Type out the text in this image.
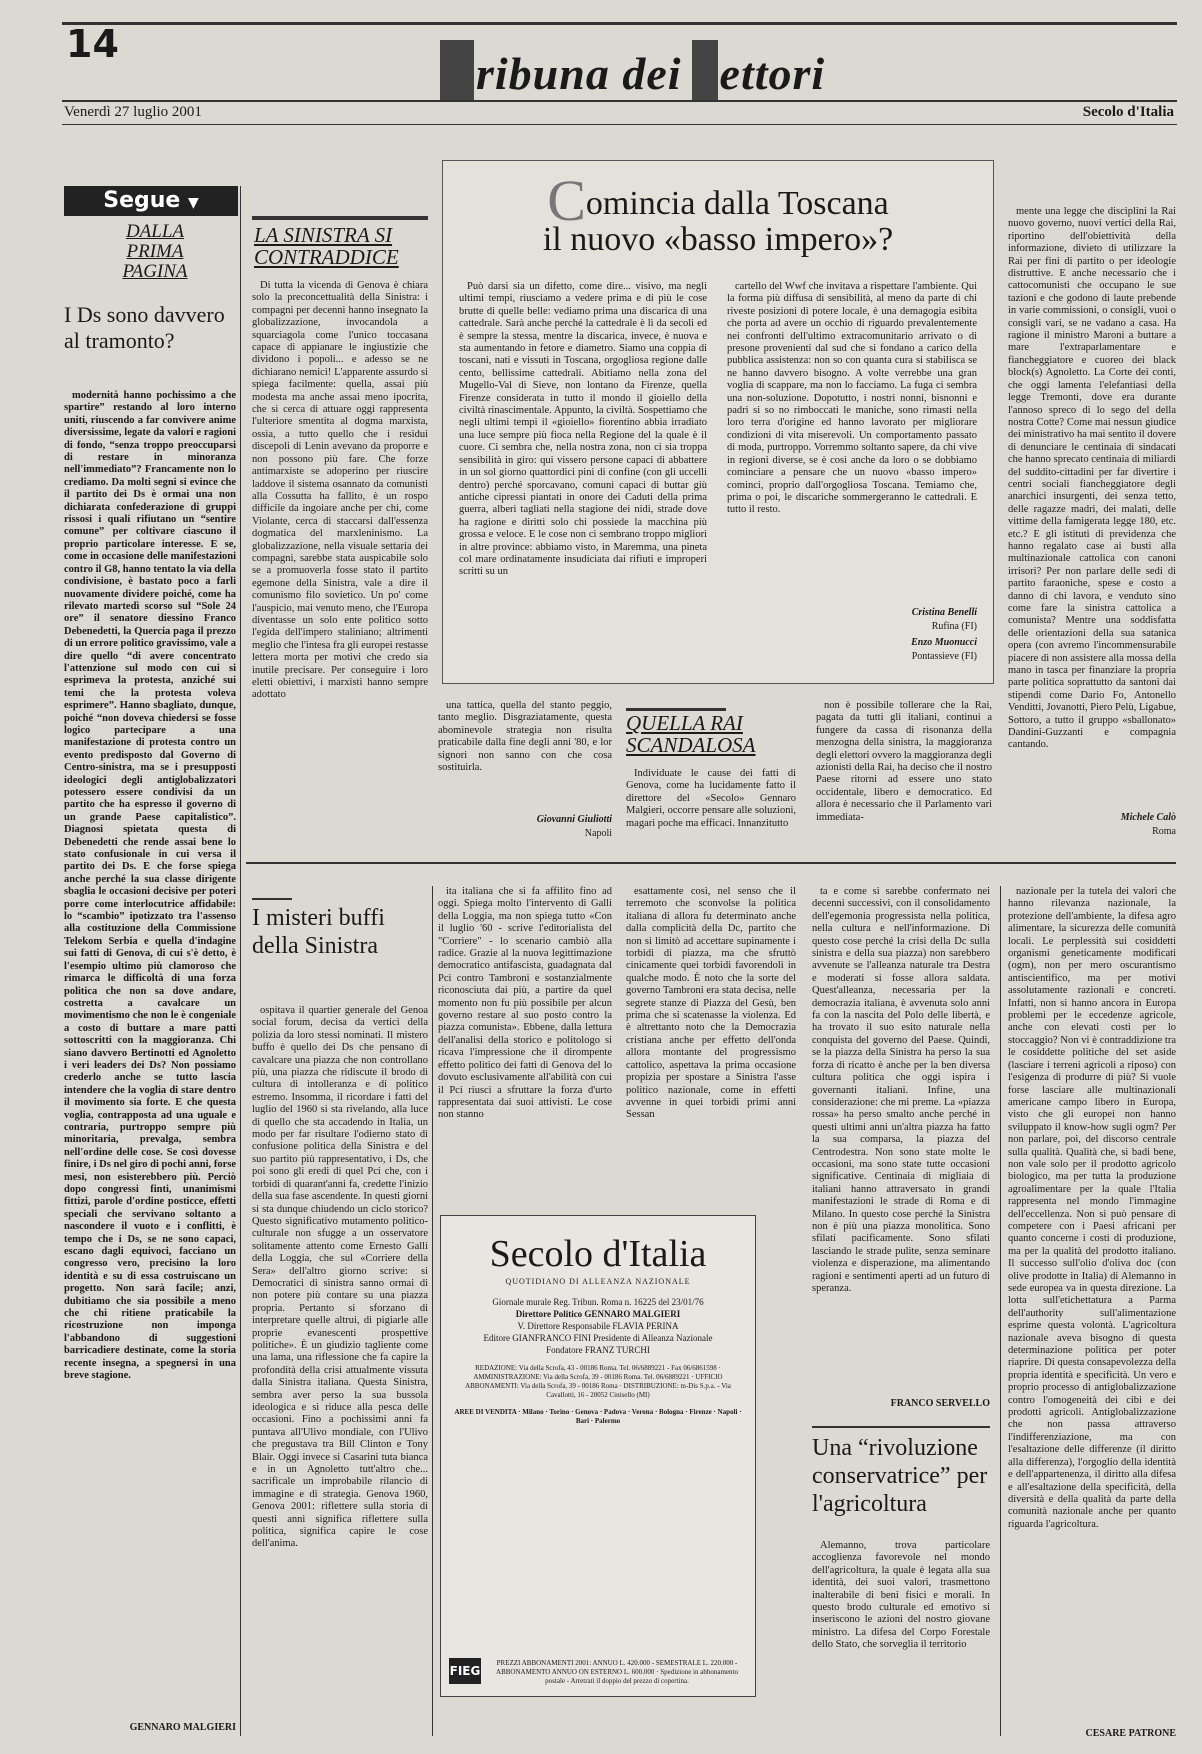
14
ribuna dei ettori
Venerdì 27 luglio 2001	Secolo d'Italia
Segue ▼
DALLA PRIMA PAGINA
I Ds sono davvero al tramonto?

modernità hanno pochissimo a che spartire” restando al loro interno uniti, riuscendo a far convivere anime diversissime, legate da valori e ragioni di fondo, “senza troppo preoccuparsi di restare in minoranza nell'immediato”? Francamente non lo crediamo. Da molti segni si evince che il partito dei Ds è ormai una non dichiarata confederazione di gruppi rissosi i quali rifiutano un “sentire comune” per coltivare ciascuno il proprio particolare interesse. E se, come in occasione delle manifestazioni contro il G8, hanno tentato la via della condivisione, è bastato poco a farli nuovamente dividere poiché, come ha rilevato martedì scorso sul “Sole 24 ore” il senatore diessino Franco Debenedetti, la Quercia paga il prezzo di un errore politico gravissimo, vale a dire quello “di avere concentrato l'attenzione sul modo con cui si esprimeva la protesta, anziché sui temi che la protesta voleva esprimere”. Hanno sbagliato, dunque, poiché “non doveva chiedersi se fosse logico partecipare a una manifestazione di protesta contro un evento predisposto dal Governo di Centro-sinistra, ma se i presupposti ideologici degli antiglobalizzatori potessero essere condivisi da un partito che ha espresso il governo di un grande Paese capitalistico”. Diagnosi spietata questa di Debenedetti che rende assai bene lo stato confusionale in cui versa il partito dei Ds. E che forse spiega anche perché la sua classe dirigente sbaglia le occasioni decisive per poteri porre come interlocutrice affidabile: lo “scambio” ipotizzato tra l'assenso alla costituzione della Commissione Telekom Serbia e quella d'indagine sui fatti di Genova, di cui s'è detto, è l'esempio ultimo più clamoroso che rimarca le difficoltà di una forza politica che non sa dove andare, costretta a cavalcare un movimentismo che non le è congeniale a costo di buttare a mare patti sottoscritti con la maggioranza. Chi siano davvero Bertinotti ed Agnoletto i veri leaders dei Ds? Non possiamo crederlo anche se tutto lascia intendere che la voglia di stare dentro il movimento sia forte. E che questa voglia, contrapposta ad una uguale e contraria, purtroppo sempre più minoritaria, prevalga, sembra nell'ordine delle cose. Se così dovesse finire, i Ds nel giro di pochi anni, forse mesi, non esisterebbero più. Perciò dopo congressi finti, unanimismi fittizi, parole d'ordine posticce, effetti speciali che servivano soltanto a nascondere il vuoto e i conflitti, è tempo che i Ds, se ne sono capaci, escano dagli equivoci, facciano un congresso vero, precisino la loro identità e su di essa costruiscano un progetto. Non sarà facile; anzi, dubitiamo che sia possibile a meno che chi ritiene praticabile la ricostruzione non imponga l'abbandono di suggestioni barricadiere destinate, come la storia recente insegna, a spegnersi in una breve stagione.

GENNARO MALGIERI
LA SINISTRA SI CONTRADDICE

Di tutta la vicenda di Genova è chiara solo la preconcettualità della Sinistra: i compagni per decenni hanno insegnato la globalizzazione, invocandola a squarciagola come l'unico toccasana capace di appianare le ingiustizie che dividono i popoli... e adesso se ne dichiarano nemici! L'apparente assurdo si spiega facilmente: quella, assai più modesta ma anche assai meno ipocrita, che si cerca di attuare oggi rappresenta l'ulteriore smentita al dogma marxista, ossia, a tutto quello che i residui discepoli di Lenin avevano da proporre e non possono più fare. Che forze antimarxiste se adoperino per riuscire laddove il sistema osannato da comunisti alla Cossutta ha fallito, è un rospo difficile da ingoiare anche per chi, come Violante, cerca di staccarsi dall'essenza dogmatica del marxleninismo. La globalizzazione, nella visuale settaria dei compagni, sarebbe stata auspicabile solo se a promuoverla fosse stato il partito egemone della Sinistra, vale a dire il comunismo filo sovietico. Un po' come l'auspicio, mai venuto meno, che l'Europa diventasse un solo ente politico sotto l'egida dell'impero staliniano; altrimenti meglio che l'intesa fra gli europei restasse lettera morta per motivi che credo sia inutile precisare. Per conseguire i loro eletti obiettivi, i marxisti hanno sempre adottato

Comincia dalla Toscana
il nuovo «basso impero»?

Può darsi sia un difetto, come dire... visivo, ma negli ultimi tempi, riusciamo a vedere prima e di più le cose brutte di quelle belle: vediamo prima una discarica di una cattedrale. Sarà anche perché la cattedrale è lì da secoli ed è sempre la stessa, mentre la discarica, invece, è nuova e sta aumentando in fetore e diametro. Siamo una coppia di toscani, nati e vissuti in Toscana, orgogliosa regione dalle cento, bellissime cattedrali. Abitiamo nella zona del Mugello-Val di Sieve, non lontano da Firenze, quella Firenze considerata in tutto il mondo il gioiello della civiltà rinascimentale. Appunto, la civiltà. Sospettiamo che negli ultimi tempi il «gioiello» fiorentino abbia irradiato una luce sempre più fioca nella Regione del la quale è il cuore. Ci sembra che, nella nostra zona, non ci sia troppa sensibilità in giro: qui vissero persone capaci di abbattere in un sol giorno quattordici pini di confine (con gli uccelli dentro) perché sporcavano, comuni capaci di buttar giù antiche cipressi piantati in onore dei Caduti della prima guerra, alberi tagliati nella stagione dei nidi, strade dove ha ragione e diritti solo chi possiede la macchina più grossa e veloce. E le cose non ci sembrano troppo migliori in altre province: abbiamo visto, in Maremma, una pineta col mare ordinatamente insudiciata dai rifiuti e improperi scritti su un

cartello del Wwf che invitava a rispettare l'ambiente. Qui la forma più diffusa di sensibilità, al meno da parte di chi riveste posizioni di potere locale, è una demagogia esibita che porta ad avere un occhio di riguardo prevalentemente nei confronti dell'ultimo extracomunitario arrivato o di presone provenienti dal sud che si fondano a carico della pubblica assistenza: non so con quanta cura si stabilisca se ne hanno davvero bisogno. A volte verrebbe una gran voglia di scappare, ma non lo facciamo. La fuga ci sembra una non-soluzione. Dopotutto, i nostri nonni, bisnonni e padri si so no rimboccati le maniche, sono rimasti nella loro terra d'origine ed hanno lavorato per migliorare condizioni di vita miserevoli. Un comportamento passato di moda, purtroppo. Vorremmo soltanto sapere, da chi vive in regioni diverse, se è così anche da loro o se dobbiamo cominciare a pensare che un nuovo «basso impero» cominci, proprio dall'orgogliosa Toscana. Temiamo che, prima o poi, le discariche sommergeranno le cattedrali. E tutto il resto.

Cristina Benelli
Rufina (FI)
Enzo Muonucci
Pontassieve (FI)

mente una legge che disciplini la Rai nuovo governo, nuovi vertici della Rai, riportino dell'obiettività della informazione, divieto di utilizzare la Rai per fini di partito o per ideologie distruttive. E anche necessario che i cattocomunisti che occupano le sue tazioni e che godono di laute prebende in varie commissioni, o consigli, vuoi o consigli vari, se ne vadano a casa. Ha ragione il ministro Maroni a buttare a mare l'extraparlamentare e fiancheggiatore e cuoreo dei black block(s) Agnoletto. La Corte dei conti, che oggi lamenta l'elefantiasi della legge Tremonti, dove era durante l'annoso spreco di lo sego del della nostra Cotte? Come mai nessun giudice dei ministrativo ha mai sentito il dovere di denunciare le centinaia di sindacati che hanno sprecato centinaia di miliardi del suddito-cittadini per far divertire i centri sociali fiancheggiatore degli anarchici insurgenti, dei senza tetto, delle ragazze madri, dei malati, delle vittime della famigerata legge 180, etc. etc.? E gli istituti di previdenza che hanno regalato case ai busti alla multinazionale cattolica con canoni irrisori? Per non parlare delle sedi di partito faraoniche, spese e costo a danno di chi lavora, e venduto sino come fare la sinistra cattolica a comunista? Mentre una soddisfatta delle orientazioni della sua satanica opera (con avremo l'incommensurabile piacere di non assistere alla mossa della mano in tasca per finanziare la propria parte politica soprattutto da santoni dai stipendi come Dario Fo, Antonello Venditti, Jovanotti, Piero Pelù, Ligabue, Sottoro, a tutto il gruppo «sballonato» Dandini-Guzzanti e compagnia cantando.

Michele Calò
Roma

una tattica, quella del stanto peggio, tanto meglio. Disgraziatamente, questa abominevole strategia non risulta praticabile dalla fine degli anni '80, e lor signori non sanno con che cosa sostituirla.

Giovanni Giuliotti
Napoli
QUELLA RAI SCANDALOSA

Individuate le cause dei fatti di Genova, come ha lucidamente fatto il direttore del «Secolo» Gennaro Malgieri, occorre pensare alle soluzioni, magari poche ma efficaci. Innanzitutto

non è possibile tollerare che la Rai, pagata da tutti gli italiani, continui a fungere da cassa di risonanza della menzogna della sinistra, la maggioranza degli elettori ovvero la maggioranza degli azionisti della Rai, ha deciso che il nostro Paese ritorni ad essere uno stato occidentale, libero e democratico. Ed allora è necessario che il Parlamento vari immediata-

I misteri buffi della Sinistra

ospitava il quartier generale del Genoa social forum, decisa da vertici della polizia da loro stessi nominati. Il mistero buffo è quello dei Ds che pensano di cavalcare una piazza che non controllano più, una piazza che ridiscute il brodo di cultura di intolleranza e di politico estremo. Insomma, il ricordare i fatti del luglio del 1960 si sta rivelando, alla luce di quello che sta accadendo in Italia, un modo per far risultare l'odierno stato di confusione politica della Sinistra e del suo partito più rappresentativo, i Ds, che poi sono gli eredi di quel Pci che, con i torbidi di quarant'anni fa, credette l'inizio della sua fase ascendente. In questi giorni si sta dunque chiudendo un ciclo storico? Questo significativo mutamento politico-culturale non sfugge a un osservatore solitamente attento come Ernesto Galli della Loggia, che sul «Corriere della Sera» dell'altro giorno scrive: si Democratici di sinistra sanno ormai di non potere più contare su una piazza propria. Pertanto si sforzano di interpretare quelle altrui, di pigiarle alle proprie evanescenti prospettive politiche». È un giudizio tagliente come una lama, una riflessione che fa capire la profondità della crisi attualmente vissuta dalla Sinistra italiana. Questa Sinistra, sembra aver perso la sua bussola ideologica e si riduce alla pesca delle occasioni. Fino a pochissimi anni fa puntava all'Ulivo mondiale, con l'Ulivo che pregustava tra Bill Clinton e Tony Blair. Oggi invece si Casarini tuta bianca e in un Agnoletto tutt'altro che... sacrificale un improbabile rilancio di immagine e di strategia. Genova 1960, Genova 2001: riflettere sulla storia di questi anni significa riflettere sulla politica, significa capire le cose dell'anima.

ita italiana che si fa affilito fino ad oggi. Spiega molto l'intervento di Galli della Loggia, ma non spiega tutto «Con il luglio '60 - scrive l'editorialista del "Corriere" - lo scenario cambiò alla radice. Grazie al la nuova legittimazione democratico antifascista, guadagnata dal Pci contro Tambroni e sostanzialmente riconosciuta dai più, a partire da quel momento non fu più possibile per alcun governo restare al suo posto contro la piazza comunista». Ebbene, dalla lettura dell'analisi della storico e politologo si ricava l'impressione che il dirompente effetto politico dei fatti di Genova del lo dovuto esclusivamente all'abilità con cui il Pci riuscì a sfruttare la forza d'urto rappresentata dai suoi attivisti. Le cose non stanno

esattamente così, nel senso che il terremoto che sconvolse la politica italiana di allora fu determinato anche dalla complicità della Dc, partito che non si limitò ad accettare supinamente i torbidi di piazza, ma che sfruttò cinicamente quei torbidi favorendoli in qualche modo. È noto che la sorte del governo Tambroni era stata decisa, nelle segrete stanze di Piazza del Gesù, ben prima che si scatenasse la violenza. Ed è altrettanto noto che la Democrazia cristiana anche per effetto dell'onda allora montante del progressismo cattolico, aspettava la prima occasione propizia per spostare a Sinistra l'asse politico nazionale, come in effetti avvenne in quei torbidi primi anni Sessan

ta e come si sarebbe confermato nei decenni successivi, con il consolidamento dell'egemonia progressista nella politica, nella cultura e nell'informazione. Di questo cose perché la crisi della Dc sulla sinistra e della sua piazza) non sarebbero avvenute se l'alleanza naturale tra Destra e moderati si fosse allora saldata. Quest'alleanza, necessaria per la democrazia italiana, è avvenuta solo anni fa con la nascita del Polo delle libertà, e ha trovato il suo esito naturale nella conquista del governo del Paese. Quindi, se la piazza della Sinistra ha perso la sua forza di ricatto è anche per la ben diversa cultura politica che oggi ispira i governanti italiani. Infine, una considerazione: che mi preme. La «piazza rossa» ha perso smalto anche perché in questi ultimi anni un'altra piazza ha fatto la sua comparsa, la piazza del Centrodestra. Non sono state molte le occasioni, ma sono state tutte occasioni significative. Centinaia di migliaia di italiani hanno attraversato in grandi manifestazioni le strade di Roma e di Milano. In questo cose perché la Sinistra non è più una piazza monolitica. Sono sfilati pacificamente. Sono sfilati lasciando le strade pulite, senza seminare violenza e disperazione, ma alimentando ragioni e sentimenti aperti ad un futuro di speranza.

FRANCO SERVELLO
Secolo d'Italia
QUOTIDIANO DI ALLEANZA NAZIONALE
Giornale murale Reg. Tribun. Roma n. 16225 del 23/01/76
Direttore Politico GENNARO MALGIERI
V. Direttore Responsabile FLAVIA PERINA
Editore GIANFRANCO FINI Presidente di Alleanza Nazionale
Fondatore FRANZ TURCHI
REDAZIONE: Via della Scrofa, 43 - 00186 Roma. Tel. 06/6889221 - Fax 06/6861598 · AMMINISTRAZIONE: Via della Scrofa, 39 - 00186 Roma. Tel. 06/6889221 · UFFICIO ABBONAMENTI: Via della Scrofa, 39 - 00186 Roma · DISTRIBUZIONE: m-Dis S.p.a. - Via Cavallotti, 16 - 20052 Cinisello (MI)
AREE DI VENDITA · Milano · Torino · Genova · Padova · Verona · Bologna · Firenze · Napoli · Bari · Palermo
PREZZI ABBONAMENTI 2001: ANNUO L. 420.000 - SEMESTRALE L. 220.000 - ABBONAMENTO ANNUO ON ESTERNO L. 600.000 · Spedizione in abbonamento postale - Arretrati il doppio del prezzo di copertina.
FIEG
Una “rivoluzione conservatrice” per l'agricoltura

Alemanno, trova particolare accoglienza favorevole nel mondo dell'agricoltura, la quale è legata alla sua identità, dei suoi valori, trasmettono inalterabile di beni fisici e morali. In questo brodo culturale ed emotivo si inseriscono le azioni del nostro giovane ministro. La difesa del Corpo Forestale dello Stato, che sorveglia il territorio

nazionale per la tutela dei valori che hanno rilevanza nazionale, la protezione dell'ambiente, la difesa agro alimentare, la sicurezza delle comunità locali. Le perplessità sui cosiddetti organismi geneticamente modificati (ogm), non per mero oscurantismo antiscientifico, ma per motivi assolutamente razionali e concreti. Infatti, non si hanno ancora in Europa problemi per le eccedenze agricole, anche con elevati costi per lo stoccaggio? Non vi è contraddizione tra le cosiddette politiche del set aside (lasciare i terreni agricoli a riposo) con l'esigenza di produrre di più? Si vuole forse lasciare alle multinazionali americane campo libero in Europa, visto che gli europei non hanno sviluppato il know-how sugli ogm? Per non parlare, poi, del discorso centrale sulla qualità. Qualità che, si badi bene, non vale solo per il prodotto agricolo biologico, ma per tutta la produzione agroalimentare per la quale l'Italia rappresenta nel mondo l'immagine dell'eccellenza. Non si può pensare di competere con i Paesi africani per quanto concerne i costi di produzione, ma per la qualità del prodotto italiano. Il successo sull'olio d'oliva doc (con olive prodotte in Italia) di Alemanno in sede europea va in questa direzione. La lotta sull'etichettatura a Parma dell'authority sull'alimentazione esprime questa volontà. L'agricoltura nazionale aveva bisogno di questa determinazione politica per poter riaprire. Di questa consapevolezza della propria identità e specificità. Un vero e proprio processo di antiglobalizzazione contro l'omogeneità dei cibi e dei prodotti agricoli. Antiglobalizzazione che non passa attraverso l'indifferenziazione, ma con l'esaltazione delle differenze (il diritto alla differenza), l'orgoglio della identità e dell'appartenenza, il diritto alla difesa e all'esaltazione della specificità, della diversità e della qualità da parte della comunità nazionale anche per quanto riguarda l'agricoltura.

CESARE PATRONE
